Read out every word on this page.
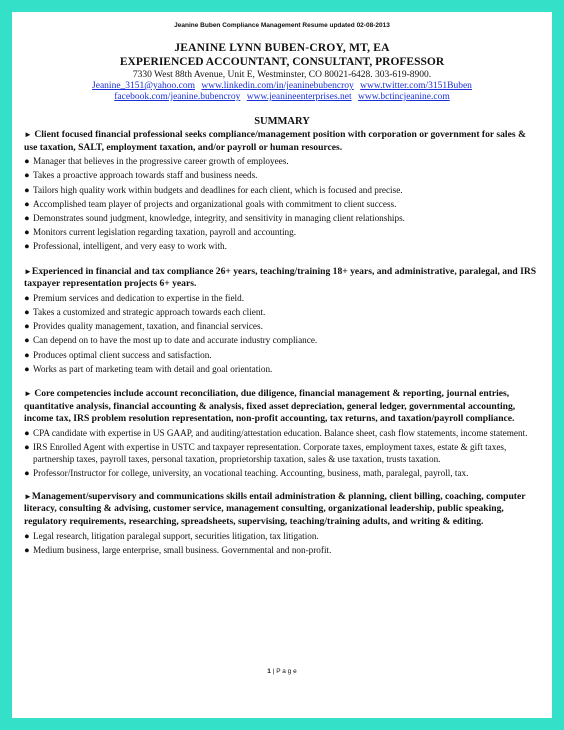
Jeanine Buben Compliance Management Resume updated 02-08-2013
JEANINE LYNN BUBEN-CROY, MT, EA
EXPERIENCED ACCOUNTANT, CONSULTANT, PROFESSOR
7330 West 88th Avenue, Unit E, Westminster, CO 80021-6428. 303-619-8900.
Jeanine_3151@yahoo.com www.linkedin.com/in/jeaninebubencroy www.twitter.com/3151Buben
facebook.com/jeanine.bubencroy www.jeanineenterprises.net www.bctincjeanine.com
SUMMARY
► Client focused financial professional seeks compliance/management position with corporation or government for sales & use taxation, SALT, employment taxation, and/or payroll or human resources.
● Manager that believes in the progressive career growth of employees.
● Takes a proactive approach towards staff and business needs.
● Tailors high quality work within budgets and deadlines for each client, which is focused and precise.
● Accomplished team player of projects and organizational goals with commitment to client success.
● Demonstrates sound judgment, knowledge, integrity, and sensitivity in managing client relationships.
● Monitors current legislation regarding taxation, payroll and accounting.
● Professional, intelligent, and very easy to work with.
►Experienced in financial and tax compliance 26+ years, teaching/training 18+ years, and administrative, paralegal, and IRS taxpayer representation projects 6+ years.
● Premium services and dedication to expertise in the field.
● Takes a customized and strategic approach towards each client.
● Provides quality management, taxation, and financial services.
● Can depend on to have the most up to date and accurate industry compliance.
● Produces optimal client success and satisfaction.
● Works as part of marketing team with detail and goal orientation.
► Core competencies include account reconciliation, due diligence, financial management & reporting, journal entries, quantitative analysis, financial accounting & analysis, fixed asset depreciation, general ledger, governmental accounting, income tax, IRS problem resolution representation, non-profit accounting, tax returns, and taxation/payroll compliance.
● CPA candidate with expertise in US GAAP, and auditing/attestation education. Balance sheet, cash flow statements, income statement.
● IRS Enrolled Agent with expertise in USTC and taxpayer representation. Corporate taxes, employment taxes, estate & gift taxes, partnership taxes, payroll taxes, personal taxation, proprietorship taxation, sales & use taxation, trusts taxation.
● Professor/Instructor for college, university, an vocational teaching. Accounting, business, math, paralegal, payroll, tax.
►Management/supervisory and communications skills entail administration & planning, client billing, coaching, computer literacy, consulting & advising, customer service, management consulting, organizational leadership, public speaking, regulatory requirements, researching, spreadsheets, supervising, teaching/training adults, and writing & editing.
● Legal research, litigation paralegal support, securities litigation, tax litigation.
● Medium business, large enterprise, small business. Governmental and non-profit.
1 | P a g e
